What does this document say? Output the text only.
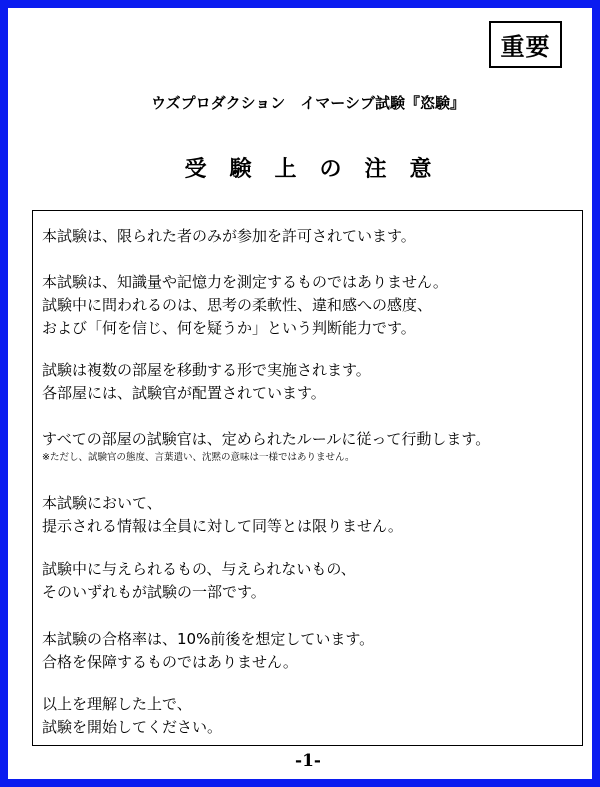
重要
ウズプロダクション　イマーシブ試験『恣験』
受験上の注意
本試験は、限られた者のみが参加を許可されています。
本試験は、知識量や記憶力を測定するものではありません。
試験中に問われるのは、思考の柔軟性、違和感への感度、
および「何を信じ、何を疑うか」という判断能力です。
試験は複数の部屋を移動する形で実施されます。
各部屋には、試験官が配置されています。
すべての部屋の試験官は、定められたルールに従って行動します。
※ただし、試験官の態度、言葉遣い、沈黙の意味は一様ではありません。
本試験において、
提示される情報は全員に対して同等とは限りません。
試験中に与えられるもの、与えられないもの、
そのいずれもが試験の一部です。
本試験の合格率は、10%前後を想定しています。
合格を保障するものではありません。
以上を理解した上で、
試験を開始してください。
-1-
